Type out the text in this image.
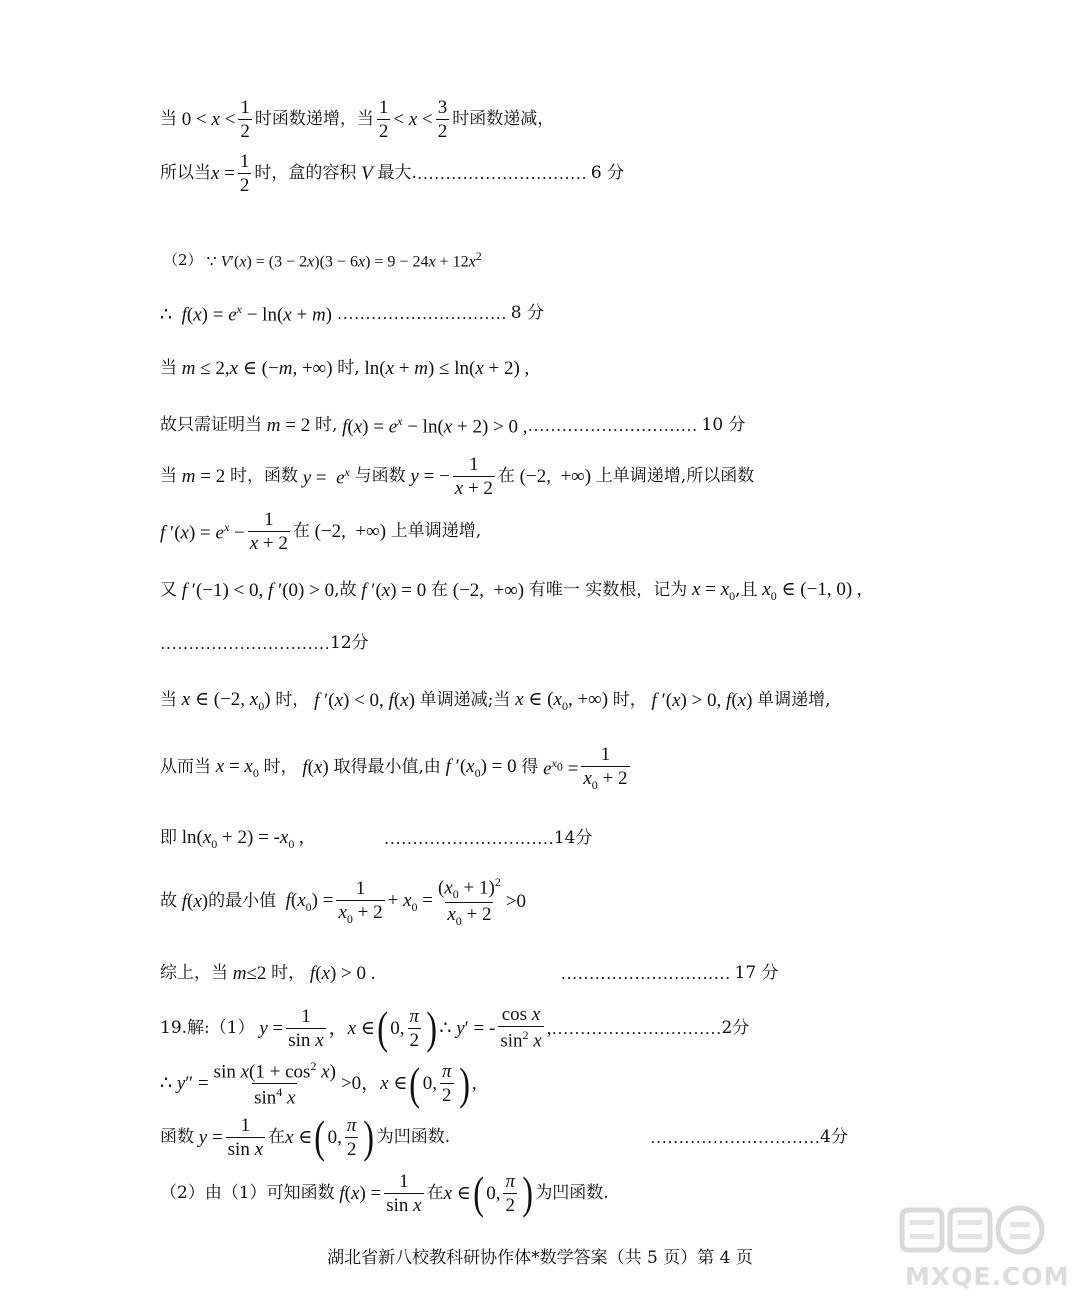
当 $0 < x < \frac{1}{2}$ 时函数递增，当 $\frac{1}{2} < x < \frac{3}{2}$ 时函数递减，
所以当 $x = \frac{1}{2}$ 时，盒的容积 V 最大. ………………………… 6 分
（2） ∵ $V'(x) = (3 - 2x)(3 - 6x) = 9 - 24x + 12x^2$
∴  $f(x) = e^x - \ln(x + m)$ ………………………… 8 分
当 m ≤ 2,x ∈ (−m, +∞) 时, ln(x + m) ≤ ln(x + 2) ,
故只需证明当 m = 2 时, $f(x) = e^x - \ln(x + 2) > 0$ , ………………………… 10 分
当 m = 2 时，函数 $y = e^x$ 与函数 y = − $\frac{1}{x + 2}$ 在 (−2,  +∞) 上单调递增,所以函数
f $'(x) = e^x - \frac{1}{x + 2}$ 在 (−2,  +∞) 上单调递增,
又 f ′(−1) < 0, f ′(0) > 0 ,故 f ′(x) = 0 在 (−2,  +∞) 有唯一 实数根，记为 $x = x_0$ ,且 $x_0$ ∈ (−1, 0) ,
………………………… 12分
当 x ∈ (−2, $x_0$) 时， f ′(x) < 0, f(x) 单调递减;当 x ∈ ($x_0$, +∞) 时， f ′(x) > 0, f(x) 单调递增,
从而当 $x = x_0$ 时， f(x) 取得最小值,由 f $'(x_0) = 0$ 得 $e^{x_0} = \frac{1}{x_0 + 2}$
即 $\ln(x_0 + 2) = -x_0$ ,	………………………… 14分
故 f(x) 的最小值 $f(x_0) = \frac{1}{x_0 + 2} + x_0 = \frac{(x_0 + 1)^2}{x_0 + 2} >0$
综上，当 m≤2 时， f(x) > 0 .	………………………… 17 分
19.解:（1） $y = \frac{1}{\text{sin x}}$ ，x ∈ ( 0, $\frac{\pi}{2}$ ) ∴ y′ = - $\frac{\text{cos x}}{\sin^2 x}$ , ………………………… 2分
∴ $y'' = \frac{\sin x(1 + \cos^2 x)}{\sin^4 x} >0$，x ∈ ( 0, $\frac{\pi}{2}$ ) ,
函数 $y = \frac{1}{\text{sin x}}$ 在 x ∈ ( 0, $\frac{\pi}{2}$ ) 为凹函数.	………………………… 4分
（2）由（1）可知函数 $f(x) = \frac{1}{\text{sin x}}$ 在 x ∈ ( 0, $\frac{\pi}{2}$ ) 为凹函数.
湖北省新八校教科研协作体*数学答案（共 5 页）第 4 页
MXQE.COM
